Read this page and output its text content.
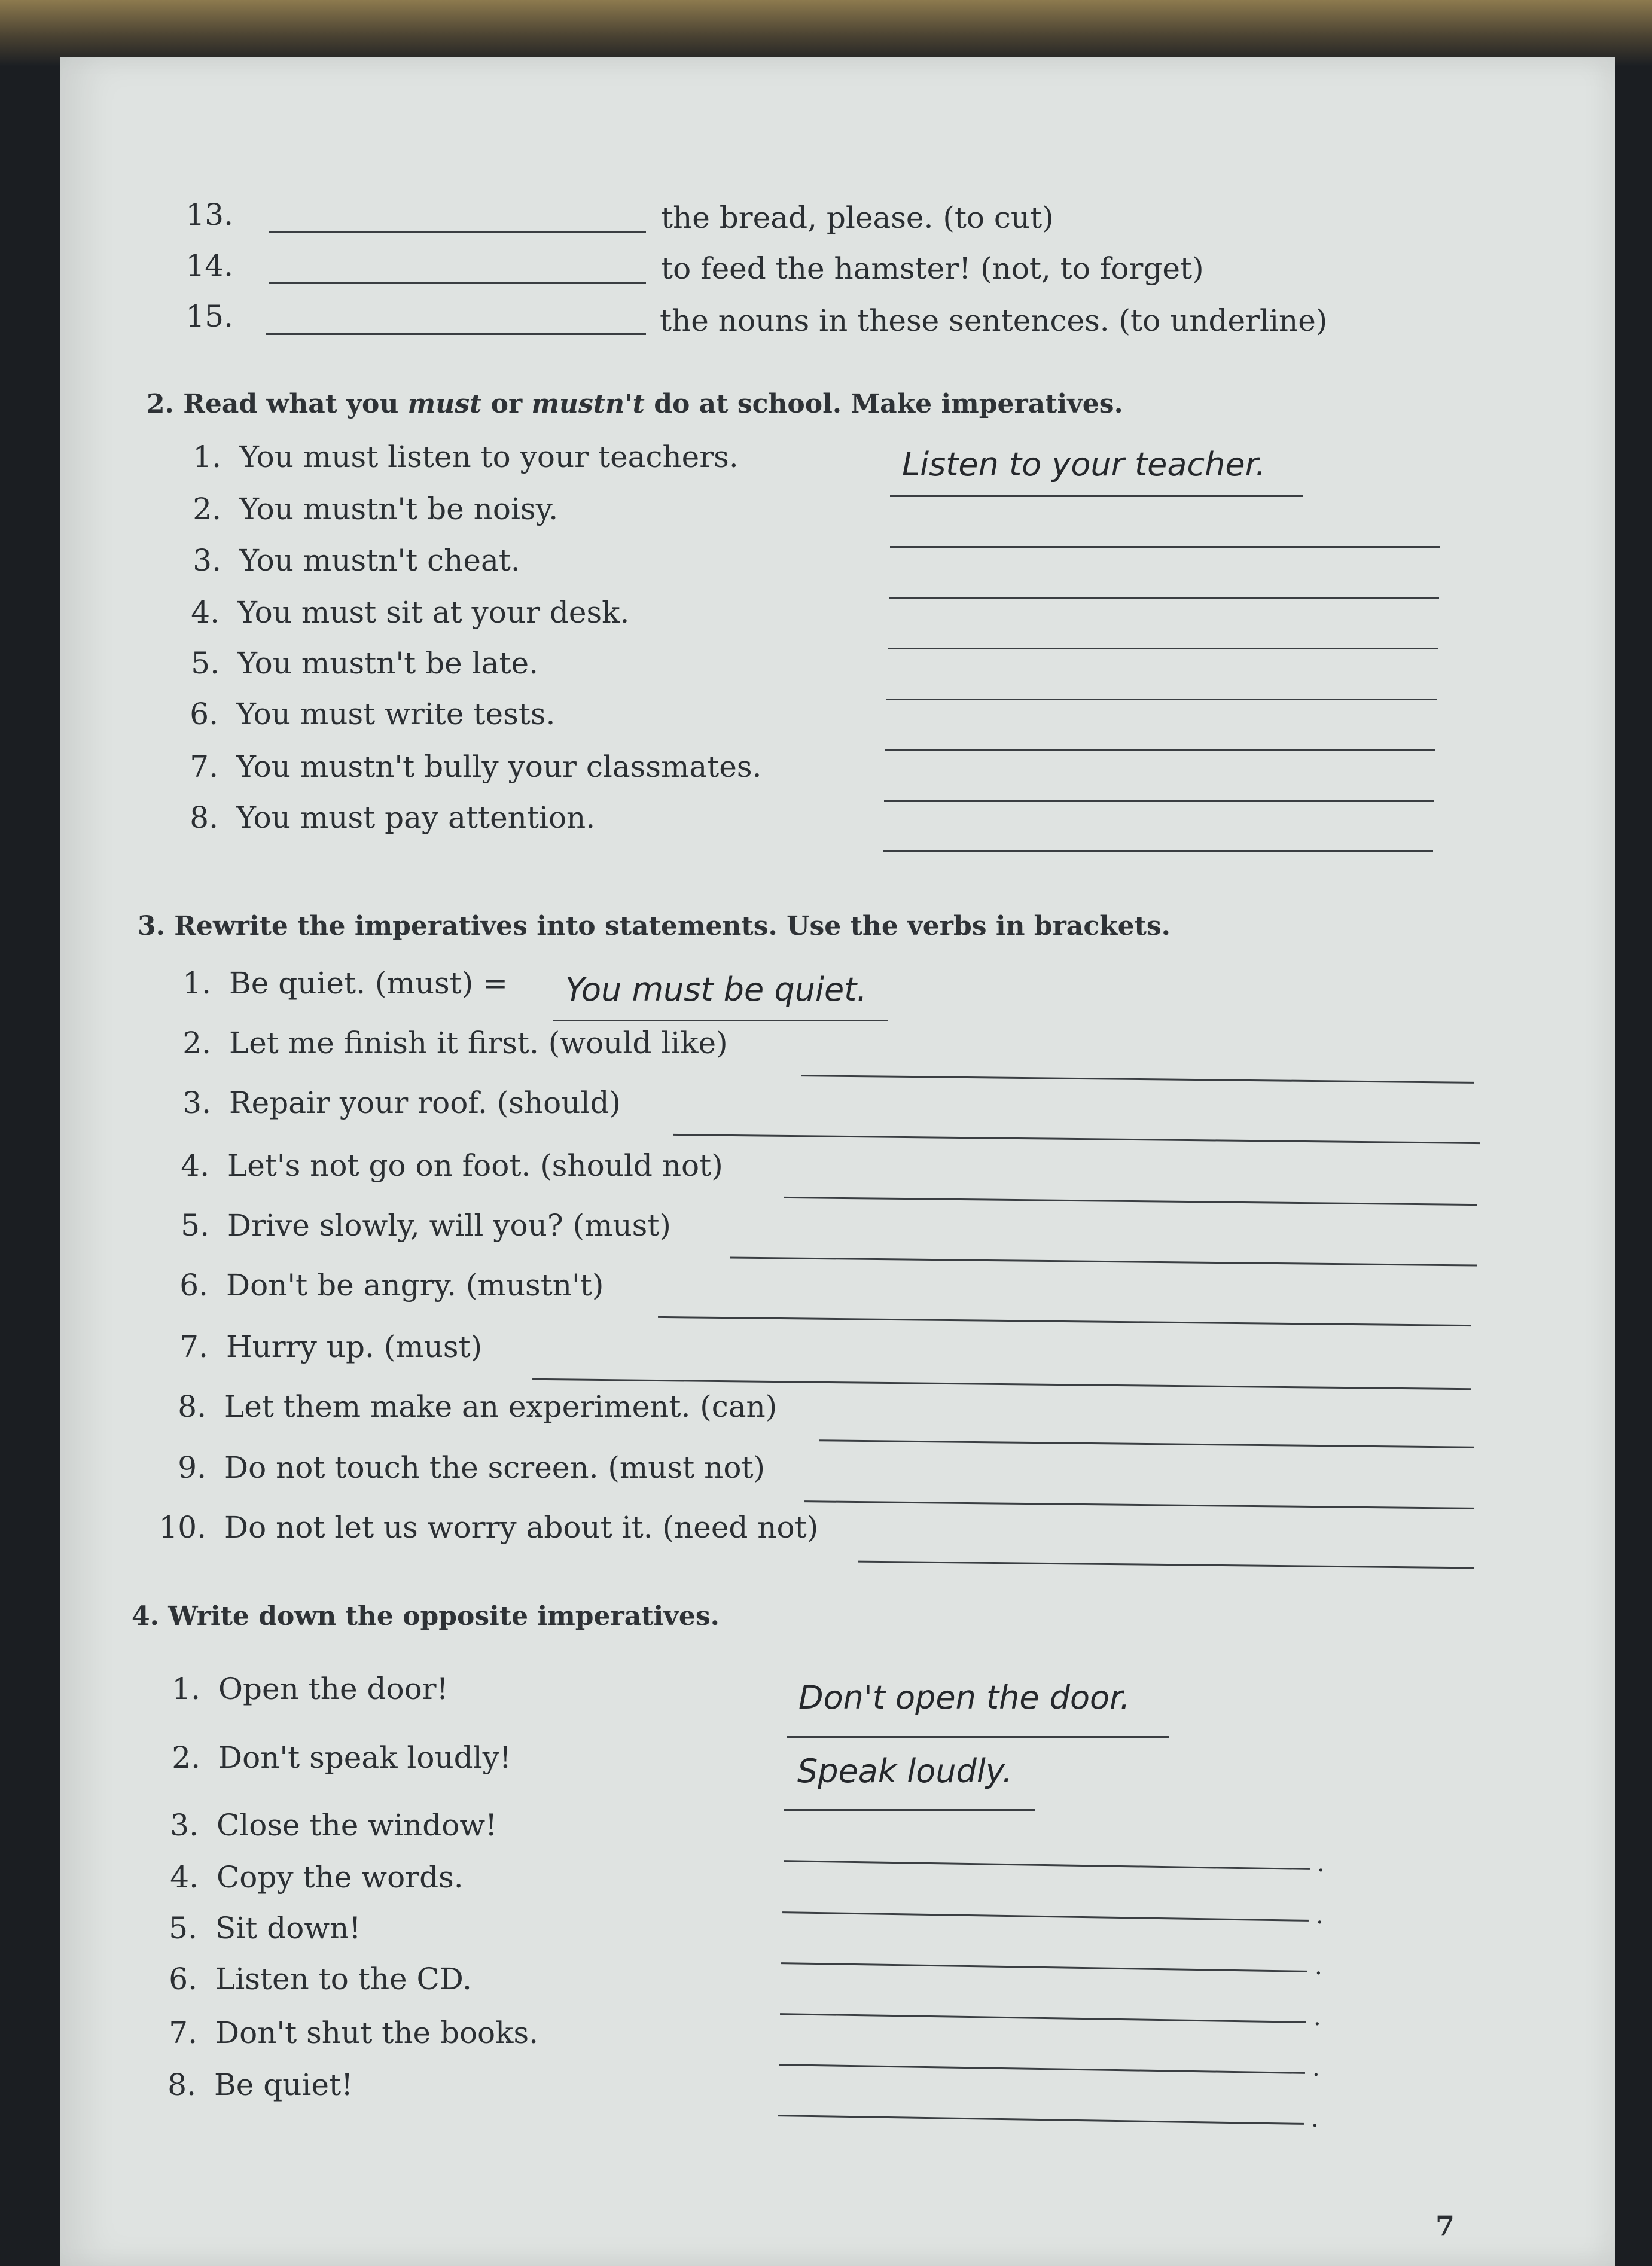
13.	the bread, please. (to cut)
14.	to feed the hamster! (not, to forget)
15.	the nouns in these sentences. (to underline)
2. Read what you must or mustn't do at school. Make imperatives.
1. You must listen to your teachers.	Listen to your teacher.
2. You mustn't be noisy.
3. You mustn't cheat.
4. You must sit at your desk.
5. You mustn't be late.
6. You must write tests.
7. You mustn't bully your classmates.
8. You must pay attention.
3. Rewrite the imperatives into statements. Use the verbs in brackets.
1. Be quiet. (must) = You must be quiet.
2. Let me finish it first. (would like)
3. Repair your roof. (should)
4. Let's not go on foot. (should not)
5. Drive slowly, will you? (must)
6. Don't be angry. (mustn't)
7. Hurry up. (must)
8. Let them make an experiment. (can)
9. Do not touch the screen. (must not)
10. Do not let us worry about it. (need not)
4. Write down the opposite imperatives.
1. Open the door!	Don't open the door.
2. Don't speak loudly!	Speak loudly.
3. Close the window!
.
4. Copy the words.
.
5. Sit down!
.
6. Listen to the CD.
.
7. Don't shut the books.
.
8. Be quiet!
.
7
